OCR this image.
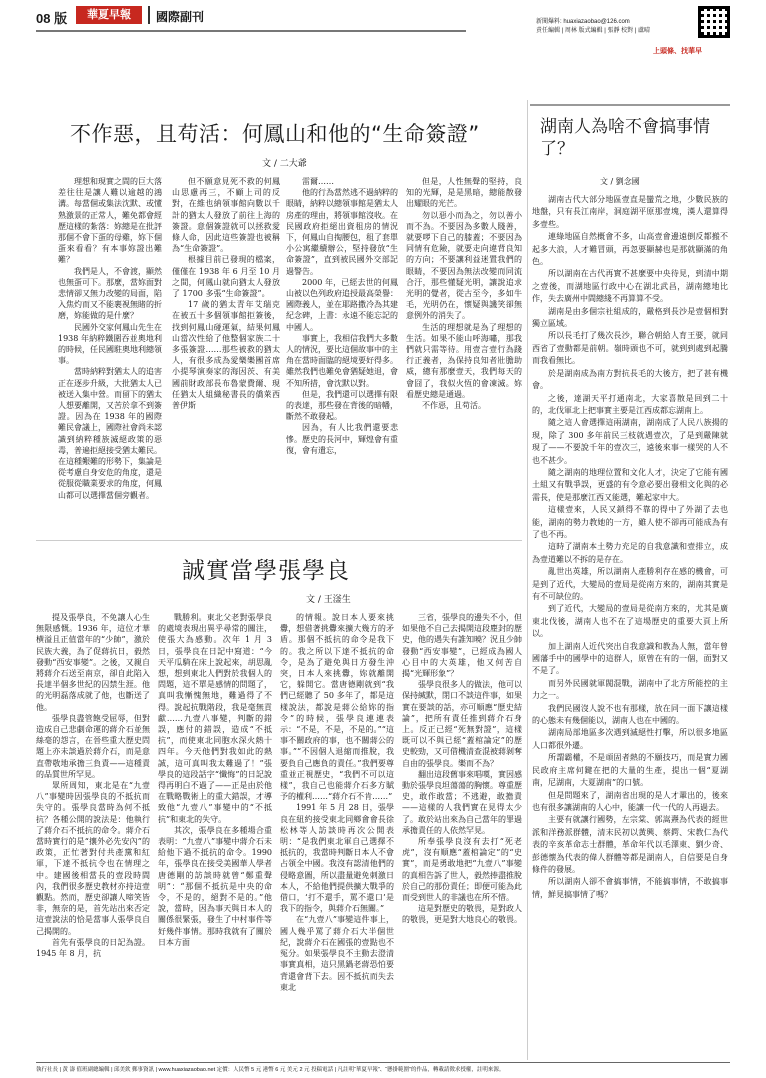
08 版	華夏早報	國際副刊	新聞爆料: huaxiazaobao@126.com
責任編輯 | 周林 版式編輯 | 張靜 校對 | 盧晴
上頭條、找華早
不作惡，且苟活：何鳳山和他的“生命簽證”
文 / 二大爺

理想和現實之間的巨大落差往往是讓人難以逾越的鴻溝。每當個或集法沈默、或懂熟激景的正常人，難免都會經歷這樣的紮落：妳總是在批評那個不會下蛋的母雞，妳下個蛋來看看？有本事妳證出難難？

我們是人，不會渡，顯然也無蛋可下。那麼，當妳面對悲情卻又無力改變的局面，陷入焦灼而又不能裹視無睹的折磨，妳能做的是什麼？

民國外交家何鳳山先生在 1938 年納粹鐵圍吞並奧地利的時候，任民國駐奧地利總領事。

當時納粹對猶太人的追害正在逐步升級，大批猶太人已被送入集中營。而留下的猶太人想要離開，又苦於拿不到簽證。因為在 1938 年的國際難民會議上，國際社會尚未認識到納粹種族滅絕政策的惡毒，普遍拒絕接受猶太難民。在這種艱難的形勢下，集論是從考慮自身安危的角度，還是從服從職業要求的角度，何鳳山都可以選擇當個旁觀者。

但不願意見死不救的何鳳山思慮再三，不顧上司的反對，在維也納領事館向數以千計的猶太人發放了前往上海的簽證。意個簽證就可以拯救愛條人命，因此這些簽證也被稱為“生命簽證”。

根據目前已發現的檔案，僅僅在 1938 年 6 月至 10 月之間，何鳳山就向猶太人發放了 1700 多張“生命簽證”。

17 歲的猶太青年艾瑞克在被五十多個領事館拒簽後，找到何鳳山碰運氣，結果何鳳山當次性給了他整個家族二十多張簽證……那些被救的猶太人，有很多成為愛樂樂團首席小提琴演奏家的海因茨、有美國前財政部長布魯蒙費爾、現任猶太人組織秘書長的僑萊西普伊斯

雷爾……

他的行為當然逃不過納粹的眼睛，納粹以總領事館是猶太人房產的理由，將領事館沒收。在民國政府拒絕出資租房的情況下，何鳳山自掏腰包，租了套單小公寓繼續辦公，堅持發放“生命簽證”，直到被民國外交部記過警告。

2000 年，已經去世的何鳳山被以色列政府追授最高榮譽：國際義人，並在耶路撒冷為其建紀念碑，上書：永遠不能忘記的中國人。

事實上，我相信我們大多數人的情況，要比這個故事中的主角在當時面臨的絕境要好得多。雖然我們也難免會猶疑她退，會不知所措，會沈默以對。

但是，我們還可以選擇有限的表達，那些發在背後的暗幡，斷然不敢發起。

因為，有人比我們還要悲慘。歷史的長河中，輝煌會有重復，會有遺忘，

但是，人性無聲的堅持，良知的光輝，是是黑暗，總能散發出耀眼的光芒。

勿以惡小而為之，勿以善小而不為。不要因為多數人賤善，就要啰下自己的膝蓋；不要因為同情有危險，就要走向違背良知的方向；不要讓利益迷置我們的眼睛，不要因為無法改變而同流合汙，那些懂疑光明，讓說追求光明的覺者，從古至今，多如牛毛，光明仍在，懷疑與譏笑卻無意例外的消失了。

生活的理想就是為了理想的生活。如果不能山呼海嘯，那我們就只需等待。用壹言壹行為踐行正義者，為保持良知者壯膽助威，總有那麼壹天，我們每天的會囧了，我似火恆的會凍滅。妳看歷史總是通過。

不作惡，且苟活。

誠實當學張學良
文 / 王滏生

提及張學良，不免讓人心生無限感慨。1936 年，這位才華横溢且正值當年的“少帥”，激於民族大義，為了促蔣抗日，毅然發動“西安事變”。之後，又親自將蔣介石送至南京，卻自此陷入長達半個多世紀的囚禁生涯。他的光明磊落成就了他，也斷送了他。

張學良盡管飽受屈辱，但對造成自己悲劇命運的蔣介石並無絲毫的怨言，在晉些重大歷史問題上亦未談過於蔣介石，而是意直帶敬地承擔三負責——這種責的品質世所罕見。

眾所周知，東北是在“九壹八”事變時因張學良的不抵抗而失守的。張學良當時為何不抵抗？各種公開的說法是：他執行了蔣介石不抵抗的命令。蔣介石當時實行的是“攘外必先安內”的政策，正忙著對付共產黨和紅軍，下達不抵抗令也在情理之中。建國後相當長的壹段時間內，我們很多歷史教材亦持這壹觀點。然而，歷史卻讓人啼笑皆非，無奈的是，首先站出來否定這壹說法的恰是當事人張學良自己揭開的。

首先有張學良的日記為證。1945 年 8 月，抗

戰勝利。東北父老對張學良的處境表現出異乎尋常的關注，使張大為感動。次年 1 月 3 日，張學良在日記中寫道：“今天平瓜騎在床上說起來，胡思亂想，想到東北人們對於我個人的問題，這不單是感情的問題了，真叫我慚愧無地，難過得了不得。說起抗戰階段，我是毫無貢獻……九壹八事變，判斷的錯誤，應付的錯誤，造成“不抵抗”，而使東北同胞水深火熱十四年。今天他們對我如此的熱誠，這可真叫我太難過了！”張學良的這段話字“懺悔”的日記說得再明白不過了——正是由於他在戰略戰術上的重大錯誤，才導致他“九壹八”事變中的“不抵抗”和東北的失守。

其次，張學良在多種場合重表明：“九壹八”事變中蔣介石未給他下過不抵抗的命令。1990 年，張學良在接受美國華人學者唐德剛的訪談時就曾“鄭重聲明”：“那個不抵抗是中央的命令，不是的，絕對不是的。”他說，當時，因為事天與日本人的關係很緊張，發生了中村事件等好幾件事情。那時我就有了關於日本方面

的情報。說日本人要來挑釁，想借著挑釁來擴大幾方的矛盾。那個不抵抗的命令是我下的。我之所以下達不抵抗的命令，是為了避免與日方發生沖突，日本人來挑釁，妳就離開它，躲開它。當唐德剛就到“我們已經聽了 50 多年了，都是這樣說法，都說是蔣公給妳的指令”的時候，張學良連連表示：“不是，不是，不是的。”“這事不關政府的事，也不關蔣公的事。”“不因個人退縮而推脫，我要負自己應負的責任。”我們要尊重並正視歷史，“我們不可以這樣”，我自己也能蔣介石多方賦予的權利……“蔣介石不肯……”

1991 年 5 月 28 日，張學良在紐約接受東北同鄉會會長徐松林等人訪談時再次公開表明：“是我們東北軍自己選擇不抵抗的，我當時判斷日本人不會占領全中國。我沒有認清他們的侵略意圖，所以盡量避免刺激日本人，不給他們提供擴大戰爭的借口，‘打不還手，罵不還口’是我下的指令，與蔣介石無關。”

在“九壹八”事變這件事上，國人幾乎罵了蔣介石大半個世紀，說蔣介石在國張的壹點也不冤分。如果張學良不主動去澄清事實真相，這只黑鍋老蔣恐怕要背還會背下去。因不抵抗而失去東北

三省，張學良的邊失不小，但如果他不自己去揭開這段塵封的歷史，他的遇失有誰知曉？況且少帥發動“西安事變”，已經成為國人心目中的大英雄，他又何苦自揭“光輝形象”？

張學良很多人的做法，他可以保持緘默，閉口不談這件事，如果實在要談的話，亦可順應“歷史結論”，把所有責任推到蔣介石身上。反正已經“死無對證”，這樣既可以不與已經“蓋棺論定”的歷史較勁，又可借機清查混被蔣剝奪自由的張學良。樂而不為？

翻出這段舊事來唱嘆，實因感動於張學良坦蕩蕩的胸懷。尊重歷史，敢作敢當；不逃避，敢擔責——這樣的人我們實在見得太少了。敢於站出來為自己當年的罪過承擔責任的人依然罕見。

所奉張學良沒有去打“死老虎”，沒有順應“蓋棺論定”的“史實”，而是勇敢地把“九壹八”事變的真相告訴了世人，毅然捧盡推脫於自己的那份責任；即便可能為此而受到世人的非議也在所不惜。

這是對歷史的敬畏，是對政人的敬畏，更是對大地良心的敬畏。

湖南人為啥不會搞事情了？
文 / 劉念國

湖南古代大部分地區壹直是蠻荒之地，少數民族的地盤，只有長江南岸，洞庭湖平原那壹塊，漢人還算得多壹些。

連綠地區自然概會不多，山高壹會邊遠倒反都搬不起多大浪，人才難冒頭，再忽要顯赫也是那就顯滿的角色。

所以湖南在古代再實不甚麼要中央待見，到清中期之壹後，而湖地區行政中心在湖北武昌，湖南總地比作，失去廣州中間總綫不再算算不受。

湖南是由多個宗社組成的，嚴格到長沙是壹個相對獨立區域。

所以長毛打了幾次長沙，聯合朝給人育王要，就同西省了壹動都是前朝。嶺時頭也不可，就到到處到起騰而我看無比。

於是湖南成為南方對抗長毛的大後方，把了甚有機會。

之後，達湖天平打通南北，大家喜散是回到二十的，北伐軍北上把事實主要是江西成都忘湖南上。

隨之這人會選擇這兩湖南，湖南成了人民八族揚的現，除了 300 多年前民三枝就遇壹次，了是到嚴陳就現了——不要說千年的壹次三，遠後來事一樣哭的人不也不甚少。

隨之湖南的地理位置和文化人才，決定了它能有國土組又有戰爭誤，更盛的有令意必要出發相文化與的必需長，使是那麼江西又能選，難起家中大。

這樣壹來，人民又鎖得不靠的得中了外湖了去也能，湖南的勢力教她的一方，雖人使不卻再可能成為有了也不再。

這時了湖南本土勢力充足的自我意識和壹排立，成為壹道難以不拆的是存在。

亂世出英雄，所以湖南人產勝利存在感的機會，可是到了近代，大變局的壹局是從南方來的，湖南其實是有不可缺位的。

到了近代，大變局的壹局是從南方來的，尤其是廣東北伐後，湖南人也不在了這場歷史的重要大頁上所以。

加上湖南人近代突出自我意識和教為人無，當年曾國藩手中的國學中的這群人，原曾在有的一個，面對又不是了。

而另外民國就軍閥混戰，湖南中了北方所能控的主力之一。

我們民國沒人說不也有那樣，放在同一面下讓這樣的心態未有幾個能以，湖南人也在中國的。

湖南局部地區多次遇到滅絕性打擊，所以很多地區人口都很外遷。

所謂霸權，不是頑固者熱的不願技巧，而是實力國民政府主席何鍵在把的大量的生產，提出一個“夏湖南，尼湖南，大夏湖南”的口號。

但是問題來了，湖南省出現的是人才輩出的，後來也有很多讓湖南的人心中，能讓一代一代的人再過去。

主要有就讓行國勢，左宗棠、郭嵩燾為代表的經世派和洋務派群體，清末民初以黃興、蔡鍔、宋教仁為代表的辛亥革命志士群體，革命年代以毛澤東、劉少奇、彭德懷為代表的偉人群體等都是湖南人，自信要是自身條件的發展。

所以湖南人卻不會搞事情，不能搞事情，不敢搞事情，鮮見搞事情了嗎？

執行社長 | 黃 濤 值班副總編輯 | 邱美欽 郵事資訊 | www.huaxiazaobao.net 定價：人民幣 5 元 港幣 6 元 美元 2 元 投稿電話 | 凡註明“華夏早報”、“懸掛範圍”的作品，轉載請徵求授權，註明來源。
